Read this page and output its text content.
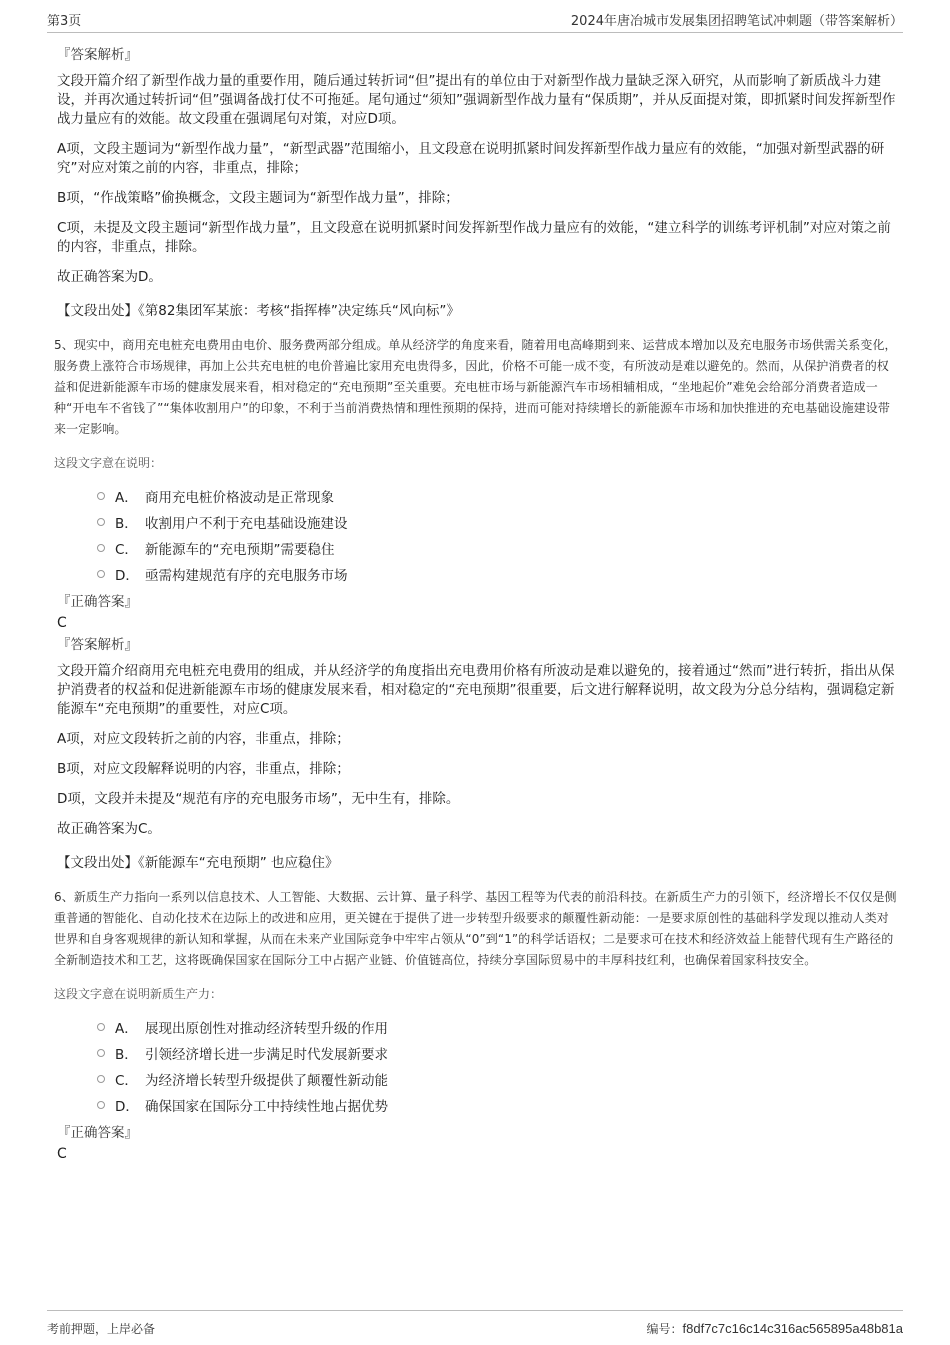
第3页	2024年唐冶城市发展集团招聘笔试冲刺题（带答案解析）
『答案解析』

文段开篇介绍了新型作战力量的重要作用，随后通过转折词“但”提出有的单位由于对新型作战力量缺乏深入研究，从而影响了新质战斗力建设，并再次通过转折词“但”强调备战打仗不可拖延。尾句通过“须知”强调新型作战力量有“保质期”，并从反面提对策，即抓紧时间发挥新型作战力量应有的效能。故文段重在强调尾句对策，对应D项。

A项，文段主题词为“新型作战力量”，“新型武器”范围缩小，且文段意在说明抓紧时间发挥新型作战力量应有的效能，“加强对新型武器的研究”对应对策之前的内容，非重点，排除；

B项，“作战策略”偷换概念，文段主题词为“新型作战力量”，排除；

C项，未提及文段主题词“新型作战力量”，且文段意在说明抓紧时间发挥新型作战力量应有的效能，“建立科学的训练考评机制”对应对策之前的内容，非重点，排除。

故正确答案为D。

【文段出处】《第82集团军某旅：考核“指挥棒”决定练兵“风向标”》

5、现实中，商用充电桩充电费用由电价、服务费两部分组成。单从经济学的角度来看，随着用电高峰期到来、运营成本增加以及充电服务市场供需关系变化，服务费上涨符合市场规律，再加上公共充电桩的电价普遍比家用充电贵得多，因此，价格不可能一成不变，有所波动是难以避免的。然而，从保护消费者的权益和促进新能源车市场的健康发展来看，相对稳定的“充电预期”至关重要。充电桩市场与新能源汽车市场相辅相成，“坐地起价”难免会给部分消费者造成一种“开电车不省钱了”“集体收割用户”的印象，不利于当前消费热情和理性预期的保持，进而可能对持续增长的新能源车市场和加快推进的充电基础设施建设带来一定影响。

这段文字意在说明：

A． 商用充电桩价格波动是正常现象
B． 收割用户不利于充电基础设施建设
C． 新能源车的“充电预期”需要稳住
D． 亟需构建规范有序的充电服务市场
『正确答案』
C
『答案解析』

文段开篇介绍商用充电桩充电费用的组成，并从经济学的角度指出充电费用价格有所波动是难以避免的，接着通过“然而”进行转折，指出从保护消费者的权益和促进新能源车市场的健康发展来看，相对稳定的“充电预期”很重要，后文进行解释说明，故文段为分总分结构，强调稳定新能源车“充电预期”的重要性，对应C项。

A项，对应文段转折之前的内容，非重点，排除；

B项，对应文段解释说明的内容，非重点，排除；

D项，文段并未提及“规范有序的充电服务市场”，无中生有，排除。

故正确答案为C。

【文段出处】《新能源车“充电预期” 也应稳住》

6、新质生产力指向一系列以信息技术、人工智能、大数据、云计算、量子科学、基因工程等为代表的前沿科技。在新质生产力的引领下，经济增长不仅仅是侧重普通的智能化、自动化技术在边际上的改进和应用，更关键在于提供了进一步转型升级要求的颠覆性新动能：一是要求原创性的基础科学发现以推动人类对世界和自身客观规律的新认知和掌握，从而在未来产业国际竞争中牢牢占领从“0”到“1”的科学话语权；二是要求可在技术和经济效益上能替代现有生产路径的全新制造技术和工艺，这将既确保国家在国际分工中占据产业链、价值链高位，持续分享国际贸易中的丰厚科技红利，也确保着国家科技安全。

这段文字意在说明新质生产力：

A． 展现出原创性对推动经济转型升级的作用
B． 引领经济增长进一步满足时代发展新要求
C． 为经济增长转型升级提供了颠覆性新动能
D． 确保国家在国际分工中持续性地占据优势
『正确答案』
C
考前押题，上岸必备	编号：f8df7c7c16c14c316ac565895a48b81a
